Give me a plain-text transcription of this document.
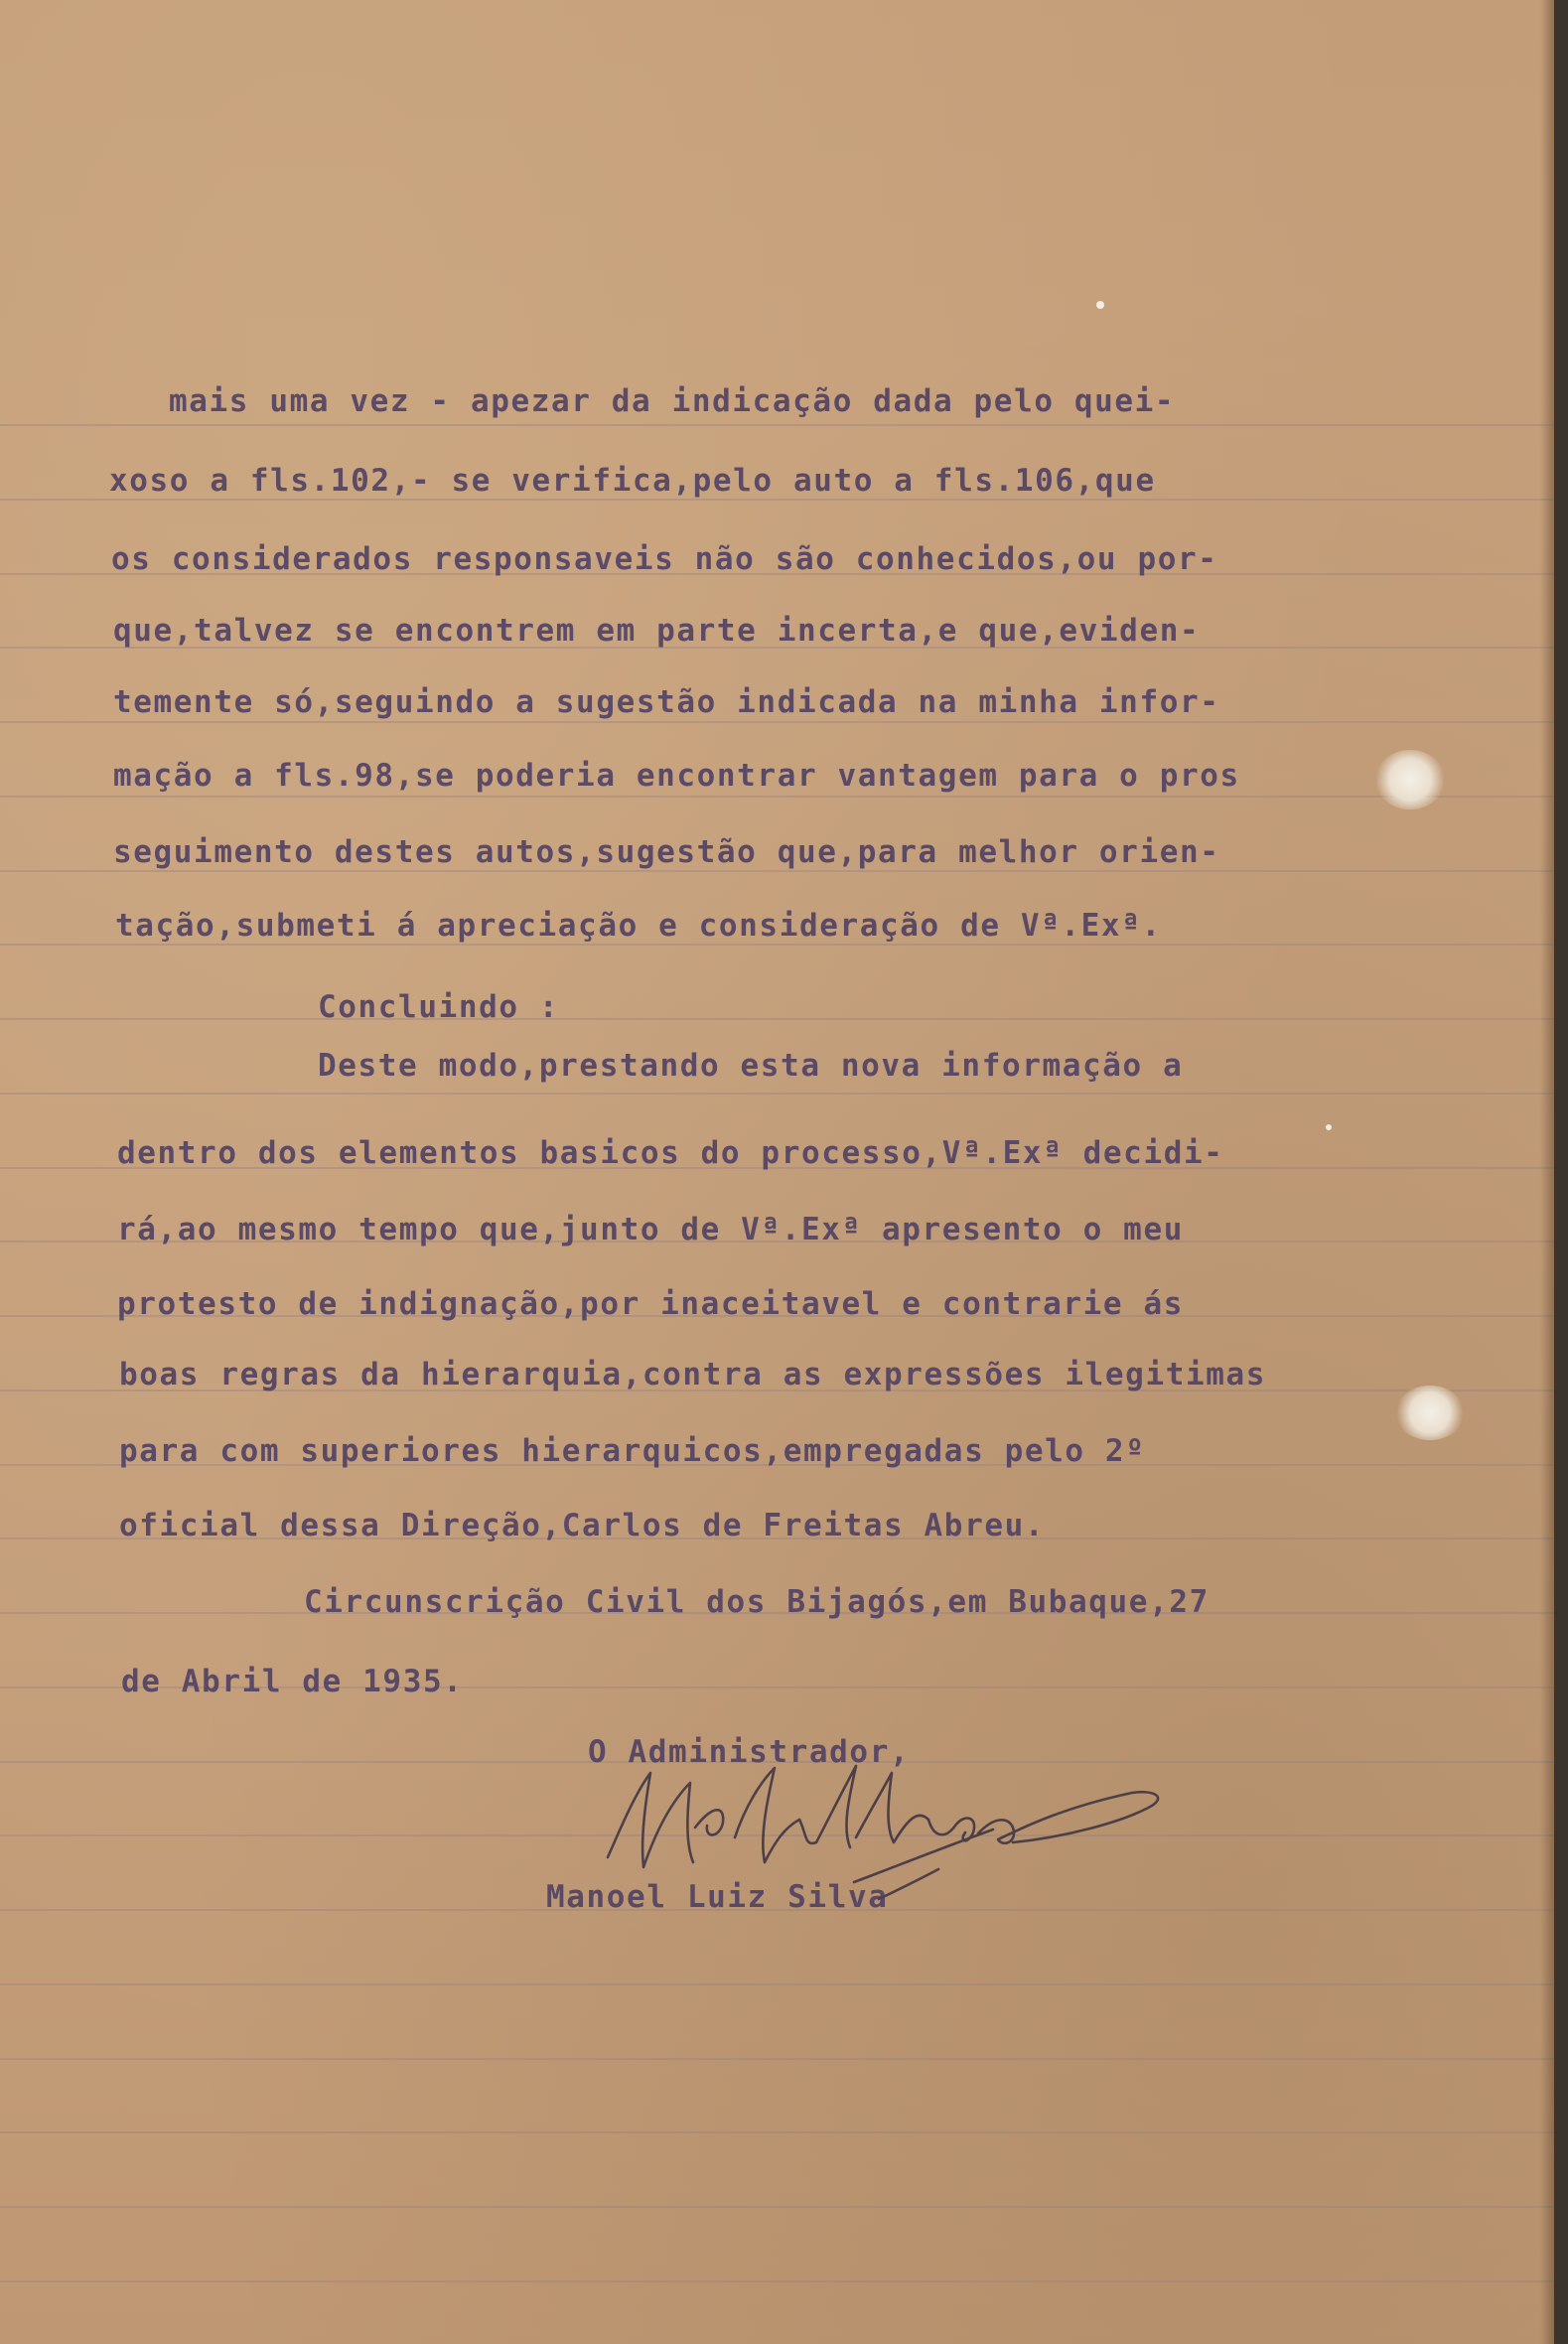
mais uma vez - apezar da indicação dada pelo quei-
xoso a fls.102,- se verifica,pelo auto a fls.106,que
os considerados responsaveis não são conhecidos,ou por-
que,talvez se encontrem em parte incerta,e que,eviden-
temente só,seguindo a sugestão indicada na minha infor-
mação a fls.98,se poderia encontrar vantagem para o pros
seguimento destes autos,sugestão que,para melhor orien-
tação,submeti á apreciação e consideração de Vª.Exª.
Concluindo :
Deste modo,prestando esta nova informação a
dentro dos elementos basicos do processo,Vª.Exª decidi-
rá,ao mesmo tempo que,junto de Vª.Exª apresento o meu
protesto de indignação,por inaceitavel e contrarie ás
boas regras da hierarquia,contra as expressões ilegitimas
para com superiores hierarquicos,empregadas pelo 2º
oficial dessa Direção,Carlos de Freitas Abreu.
Circunscrição Civil dos Bijagós,em Bubaque,27
de Abril de 1935.
O Administrador,
Manoel Luiz Silva
